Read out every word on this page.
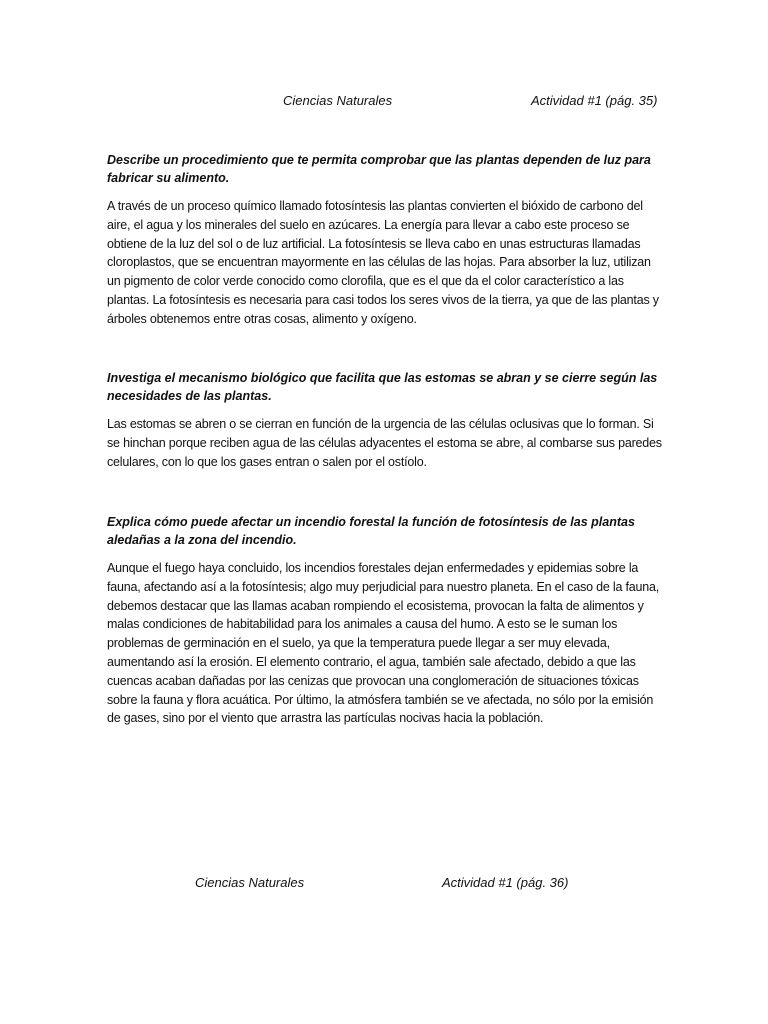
Ciencias Naturales	Actividad #1 (pág. 35)
Describe un procedimiento que te permita comprobar que las plantas dependen de luz para fabricar su alimento.
A través de un proceso químico llamado fotosíntesis las plantas convierten el bióxido de carbono del aire, el agua y los minerales del suelo en azúcares. La energía para llevar a cabo este proceso se obtiene de la luz del sol o de luz artificial. La fotosíntesis se lleva cabo en unas estructuras llamadas cloroplastos, que se encuentran mayormente en las células de las hojas. Para absorber la luz, utilizan un pigmento de color verde conocido como clorofila, que es el que da el color característico a las plantas. La fotosíntesis es necesaria para casi todos los seres vivos de la tierra, ya que de las plantas y árboles obtenemos entre otras cosas, alimento y oxígeno.
Investiga el mecanismo biológico que facilita que las estomas se abran y se cierre según las necesidades de las plantas.
Las estomas se abren o se cierran en función de la urgencia de las células oclusivas que lo forman. Si se hinchan porque reciben agua de las células adyacentes el estoma se abre, al combarse sus paredes celulares, con lo que los gases entran o salen por el ostíolo.
Explica cómo puede afectar un incendio forestal la función de fotosíntesis de las plantas aledañas a la zona del incendio.
Aunque el fuego haya concluido, los incendios forestales dejan enfermedades y epidemias sobre la fauna, afectando así a la fotosíntesis; algo muy perjudicial para nuestro planeta. En el caso de la fauna, debemos destacar que las llamas acaban rompiendo el ecosistema, provocan la falta de alimentos y malas condiciones de habitabilidad para los animales a causa del humo. A esto se le suman los problemas de germinación en el suelo, ya que la temperatura puede llegar a ser muy elevada, aumentando así la erosión. El elemento contrario, el agua, también sale afectado, debido a que las cuencas acaban dañadas por las cenizas que provocan una conglomeración de situaciones tóxicas sobre la fauna y flora acuática. Por último, la atmósfera también se ve afectada, no sólo por la emisión de gases, sino por el viento que arrastra las partículas nocivas hacia la población.
Ciencias Naturales	Actividad #1 (pág. 36)
